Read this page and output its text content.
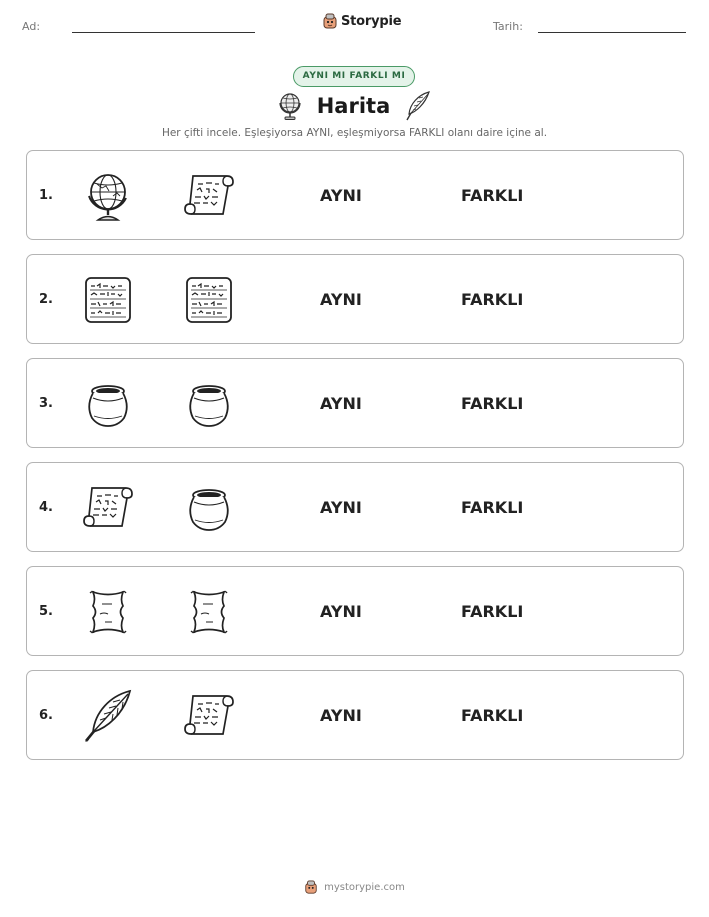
Ad:	Storypie	Tarih:
AYNI MI FARKLI MI
Harita
Her çifti incele. Eşleşiyorsa AYNI, eşleşmiyorsa FARKLI olanı daire içine al.
1.	AYNI	FARKLI
2.	AYNI	FARKLI
3.	AYNI	FARKLI
4.	AYNI	FARKLI
5.	AYNI	FARKLI
6.	AYNI	FARKLI
mystorypie.com
